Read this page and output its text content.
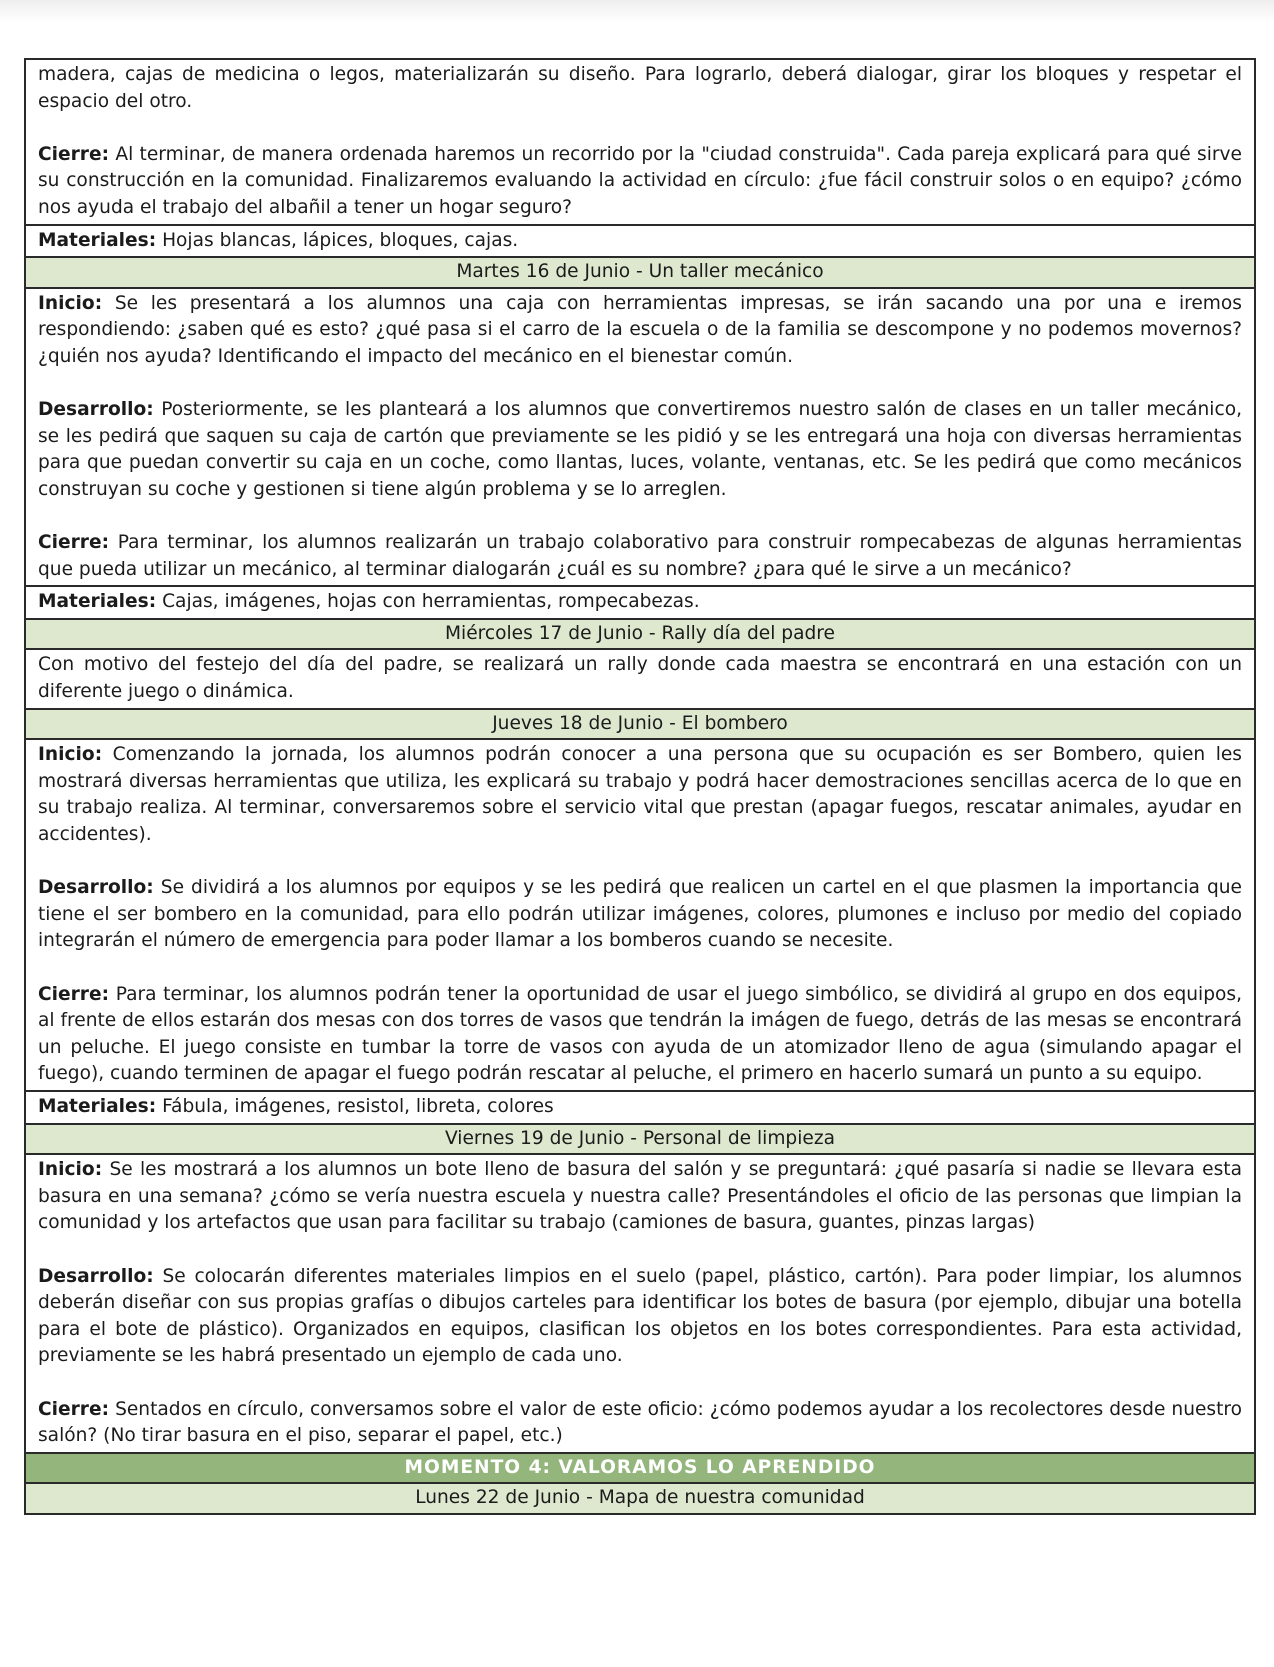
madera, cajas de medicina o legos, materializarán su diseño. Para lograrlo, deberá dialogar, girar los bloques y respetar el espacio del otro.

Cierre: Al terminar, de manera ordenada haremos un recorrido por la "ciudad construida". Cada pareja explicará para qué sirve su construcción en la comunidad. Finalizaremos evaluando la actividad en círculo: ¿fue fácil construir solos o en equipo? ¿cómo nos ayuda el trabajo del albañil a tener un hogar seguro?

Materiales: Hojas blancas, lápices, bloques, cajas.
Martes 16 de Junio - Un taller mecánico

Inicio: Se les presentará a los alumnos una caja con herramientas impresas, se irán sacando una por una e iremos respondiendo: ¿saben qué es esto? ¿qué pasa si el carro de la escuela o de la familia se descompone y no podemos movernos? ¿quién nos ayuda? Identificando el impacto del mecánico en el bienestar común.

Desarrollo: Posteriormente, se les planteará a los alumnos que convertiremos nuestro salón de clases en un taller mecánico, se les pedirá que saquen su caja de cartón que previamente se les pidió y se les entregará una hoja con diversas herramientas para que puedan convertir su caja en un coche, como llantas, luces, volante, ventanas, etc. Se les pedirá que como mecánicos construyan su coche y gestionen si tiene algún problema y se lo arreglen.

Cierre: Para terminar, los alumnos realizarán un trabajo colaborativo para construir rompecabezas de algunas herramientas que pueda utilizar un mecánico, al terminar dialogarán ¿cuál es su nombre? ¿para qué le sirve a un mecánico?

Materiales: Cajas, imágenes, hojas con herramientas, rompecabezas.
Miércoles 17 de Junio - Rally día del padre
Con motivo del festejo del día del padre, se realizará un rally donde cada maestra se encontrará en una estación con un diferente juego o dinámica.
Jueves 18 de Junio - El bombero

Inicio: Comenzando la jornada, los alumnos podrán conocer a una persona que su ocupación es ser Bombero, quien les mostrará diversas herramientas que utiliza, les explicará su trabajo y podrá hacer demostraciones sencillas acerca de lo que en su trabajo realiza. Al terminar, conversaremos sobre el servicio vital que prestan (apagar fuegos, rescatar animales, ayudar en accidentes).

Desarrollo: Se dividirá a los alumnos por equipos y se les pedirá que realicen un cartel en el que plasmen la importancia que tiene el ser bombero en la comunidad, para ello podrán utilizar imágenes, colores, plumones e incluso por medio del copiado integrarán el número de emergencia para poder llamar a los bomberos cuando se necesite.

Cierre: Para terminar, los alumnos podrán tener la oportunidad de usar el juego simbólico, se dividirá al grupo en dos equipos, al frente de ellos estarán dos mesas con dos torres de vasos que tendrán la imágen de fuego, detrás de las mesas se encontrará un peluche. El juego consiste en tumbar la torre de vasos con ayuda de un atomizador lleno de agua (simulando apagar el fuego), cuando terminen de apagar el fuego podrán rescatar al peluche, el primero en hacerlo sumará un punto a su equipo.

Materiales: Fábula, imágenes, resistol, libreta, colores
Viernes 19 de Junio - Personal de limpieza

Inicio: Se les mostrará a los alumnos un bote lleno de basura del salón y se preguntará: ¿qué pasaría si nadie se llevara esta basura en una semana? ¿cómo se vería nuestra escuela y nuestra calle? Presentándoles el oficio de las personas que limpian la comunidad y los artefactos que usan para facilitar su trabajo (camiones de basura, guantes, pinzas largas)

Desarrollo: Se colocarán diferentes materiales limpios en el suelo (papel, plástico, cartón). Para poder limpiar, los alumnos deberán diseñar con sus propias grafías o dibujos carteles para identificar los botes de basura (por ejemplo, dibujar una botella para el bote de plástico). Organizados en equipos, clasifican los objetos en los botes correspondientes. Para esta actividad, previamente se les habrá presentado un ejemplo de cada uno.

Cierre: Sentados en círculo, conversamos sobre el valor de este oficio: ¿cómo podemos ayudar a los recolectores desde nuestro salón? (No tirar basura en el piso, separar el papel, etc.)

MOMENTO 4: VALORAMOS LO APRENDIDO
Lunes 22 de Junio - Mapa de nuestra comunidad
